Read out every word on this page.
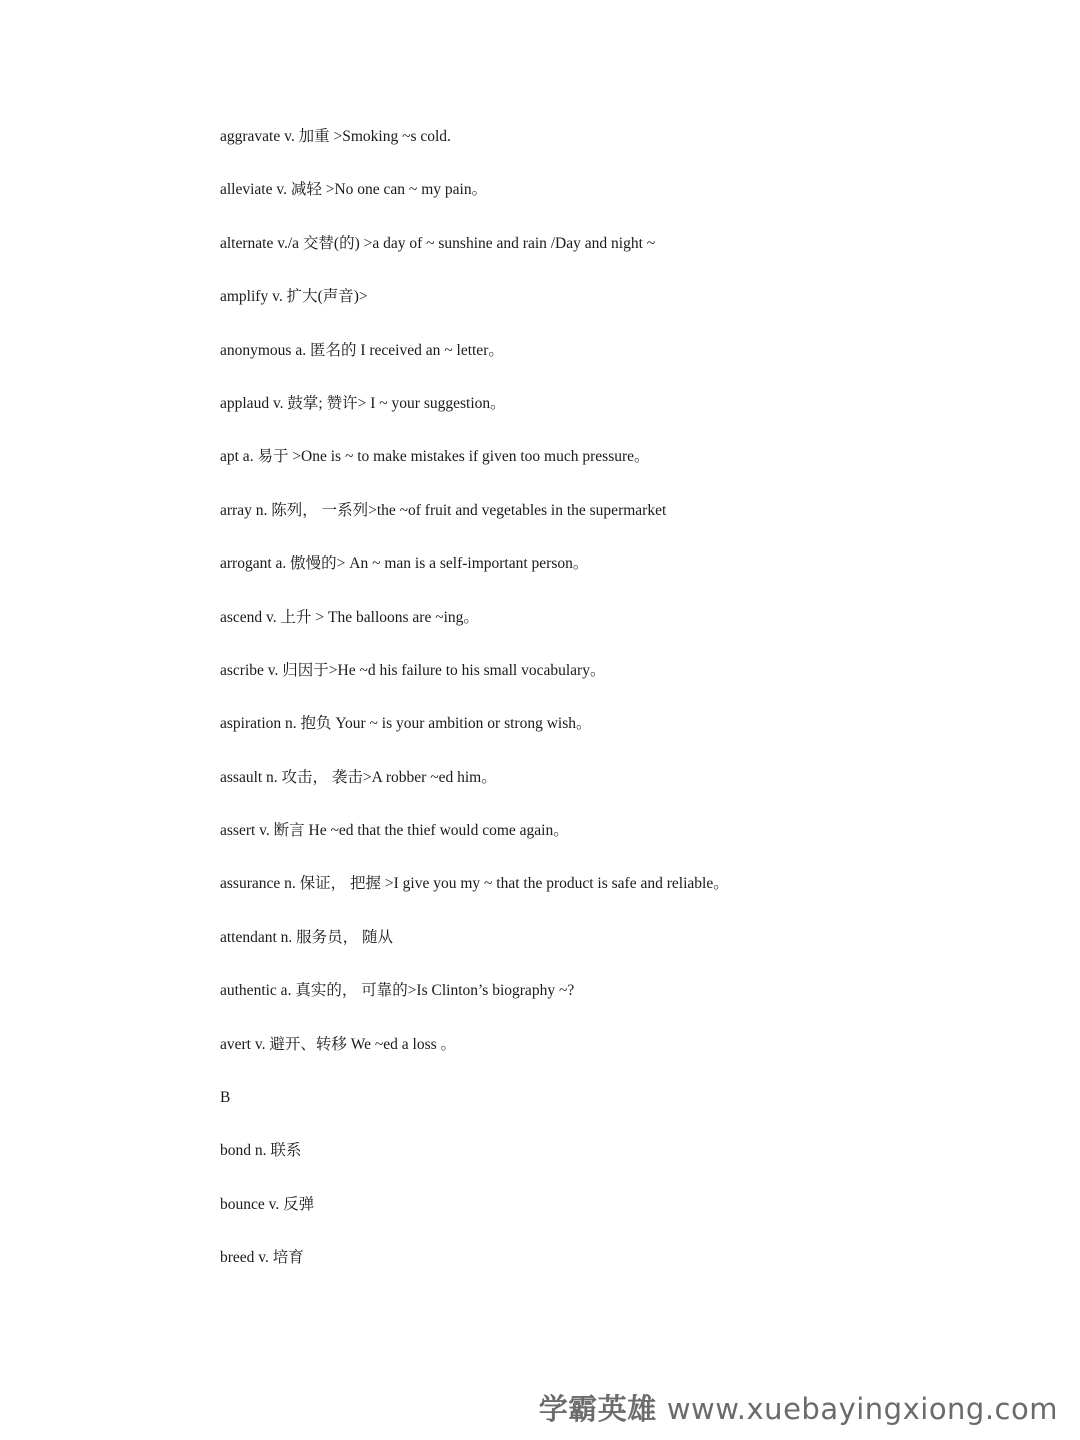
aggravate v. 加重 >Smoking ~s cold.
alleviate v. 减轻 >No one can ~ my pain。
alternate v./a 交替(的) >a day of ~ sunshine and rain /Day and night ~
amplify v. 扩大(声音)>
anonymous a. 匿名的 I received an ~ letter。
applaud v. 鼓掌; 赞许> I ~ your suggestion。
apt a. 易于 >One is ~ to make mistakes if given too much pressure。
array n. 陈列， 一系列>the ~of fruit and vegetables in the supermarket
arrogant a. 傲慢的> An ~ man is a self-important person。
ascend v. 上升 > The balloons are ~ing。
ascribe v. 归因于>He ~d his failure to his small vocabulary。
aspiration n. 抱负 Your ~ is your ambition or strong wish。
assault n. 攻击， 袭击>A robber ~ed him。
assert v. 断言 He ~ed that the thief would come again。
assurance n. 保证， 把握 >I give you my ~ that the product is safe and reliable。
attendant n. 服务员， 随从
authentic a. 真实的， 可靠的>Is Clinton’s biography ~?
avert v. 避开、转移 We ~ed a loss 。
B
bond n. 联系
bounce v. 反弹
breed v. 培育
学霸英雄 www.xuebayingxiong.com
